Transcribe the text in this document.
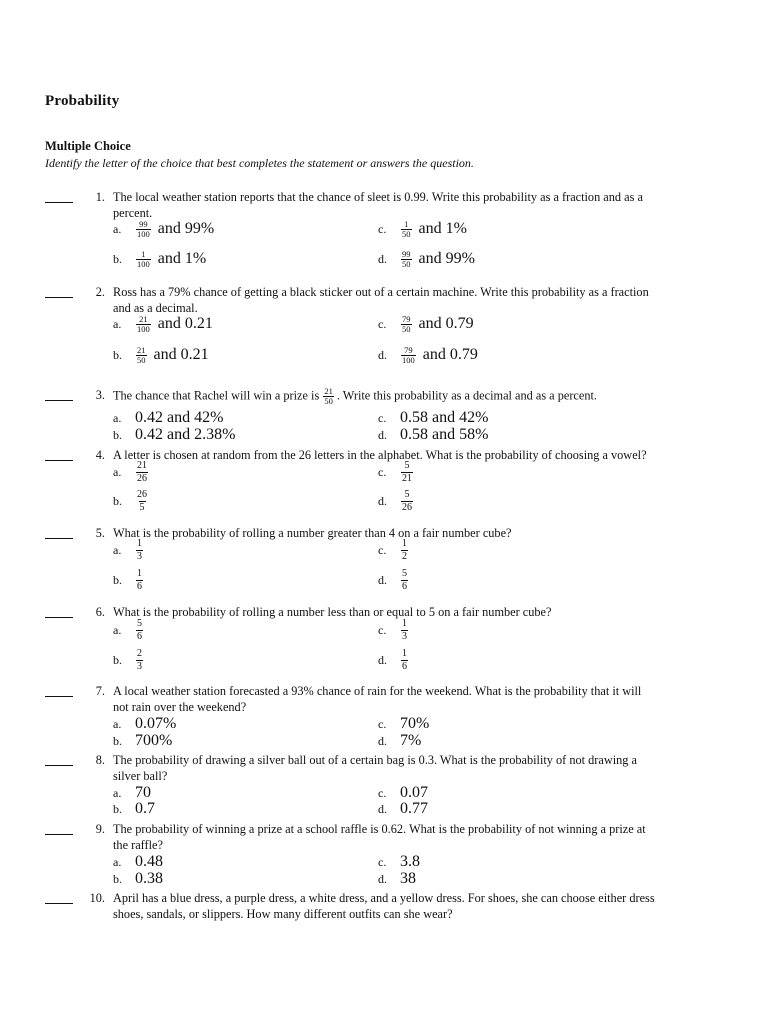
Probability
Multiple Choice
Identify the letter of the choice that best completes the statement or answers the question.
1. The local weather station reports that the chance of sleet is 0.99. Write this probability as a fraction and as a
percent.
a.	$\frac{99}{100}$ and 99%
b.	$\frac{1}{100}$ and 1%
c.	$\frac{1}{50}$ and 1%
d.	$\frac{99}{50}$ and 99%
2. Ross has a 79% chance of getting a black sticker out of a certain machine. Write this probability as a fraction
and as a decimal.
a.	$\frac{21}{100}$ and 0.21
b.	$\frac{21}{50}$ and 0.21
c.	$\frac{79}{50}$ and 0.79
d.	$\frac{79}{100}$ and 0.79
3. The chance that Rachel will win a prize is $\frac{21}{50}$ . Write this probability as a decimal and as a percent.
a. 0.42 and 42%
b. 0.42 and 2.38%
c. 0.58 and 42%
d. 0.58 and 58%
4. A letter is chosen at random from the 26 letters in the alphabet. What is the probability of choosing a vowel?
a.	$\frac{21}{26}$
b.	$\frac{26}{5}$
c.	$\frac{5}{21}$
d.	$\frac{5}{26}$
5. What is the probability of rolling a number greater than 4 on a fair number cube?
a.	$\frac{1}{3}$
b.	$\frac{1}{6}$
c.	$\frac{1}{2}$
d.	$\frac{5}{6}$
6. What is the probability of rolling a number less than or equal to 5 on a fair number cube?
a.	$\frac{5}{6}$
b.	$\frac{2}{3}$
c.	$\frac{1}{3}$
d.	$\frac{1}{6}$
7. A local weather station forecasted a 93% chance of rain for the weekend. What is the probability that it will
not rain over the weekend?
a. 0.07%
b. 700%
c. 70%
d. 7%
8. The probability of drawing a silver ball out of a certain bag is 0.3. What is the probability of not drawing a
silver ball?
a. 70
b. 0.7
c. 0.07
d. 0.77
9. The probability of winning a prize at a school raffle is 0.62. What is the probability of not winning a prize at
the raffle?
a. 0.48
b. 0.38
c. 3.8
d. 38
10. April has a blue dress, a purple dress, a white dress, and a yellow dress. For shoes, she can choose either dress
shoes, sandals, or slippers. How many different outfits can she wear?
